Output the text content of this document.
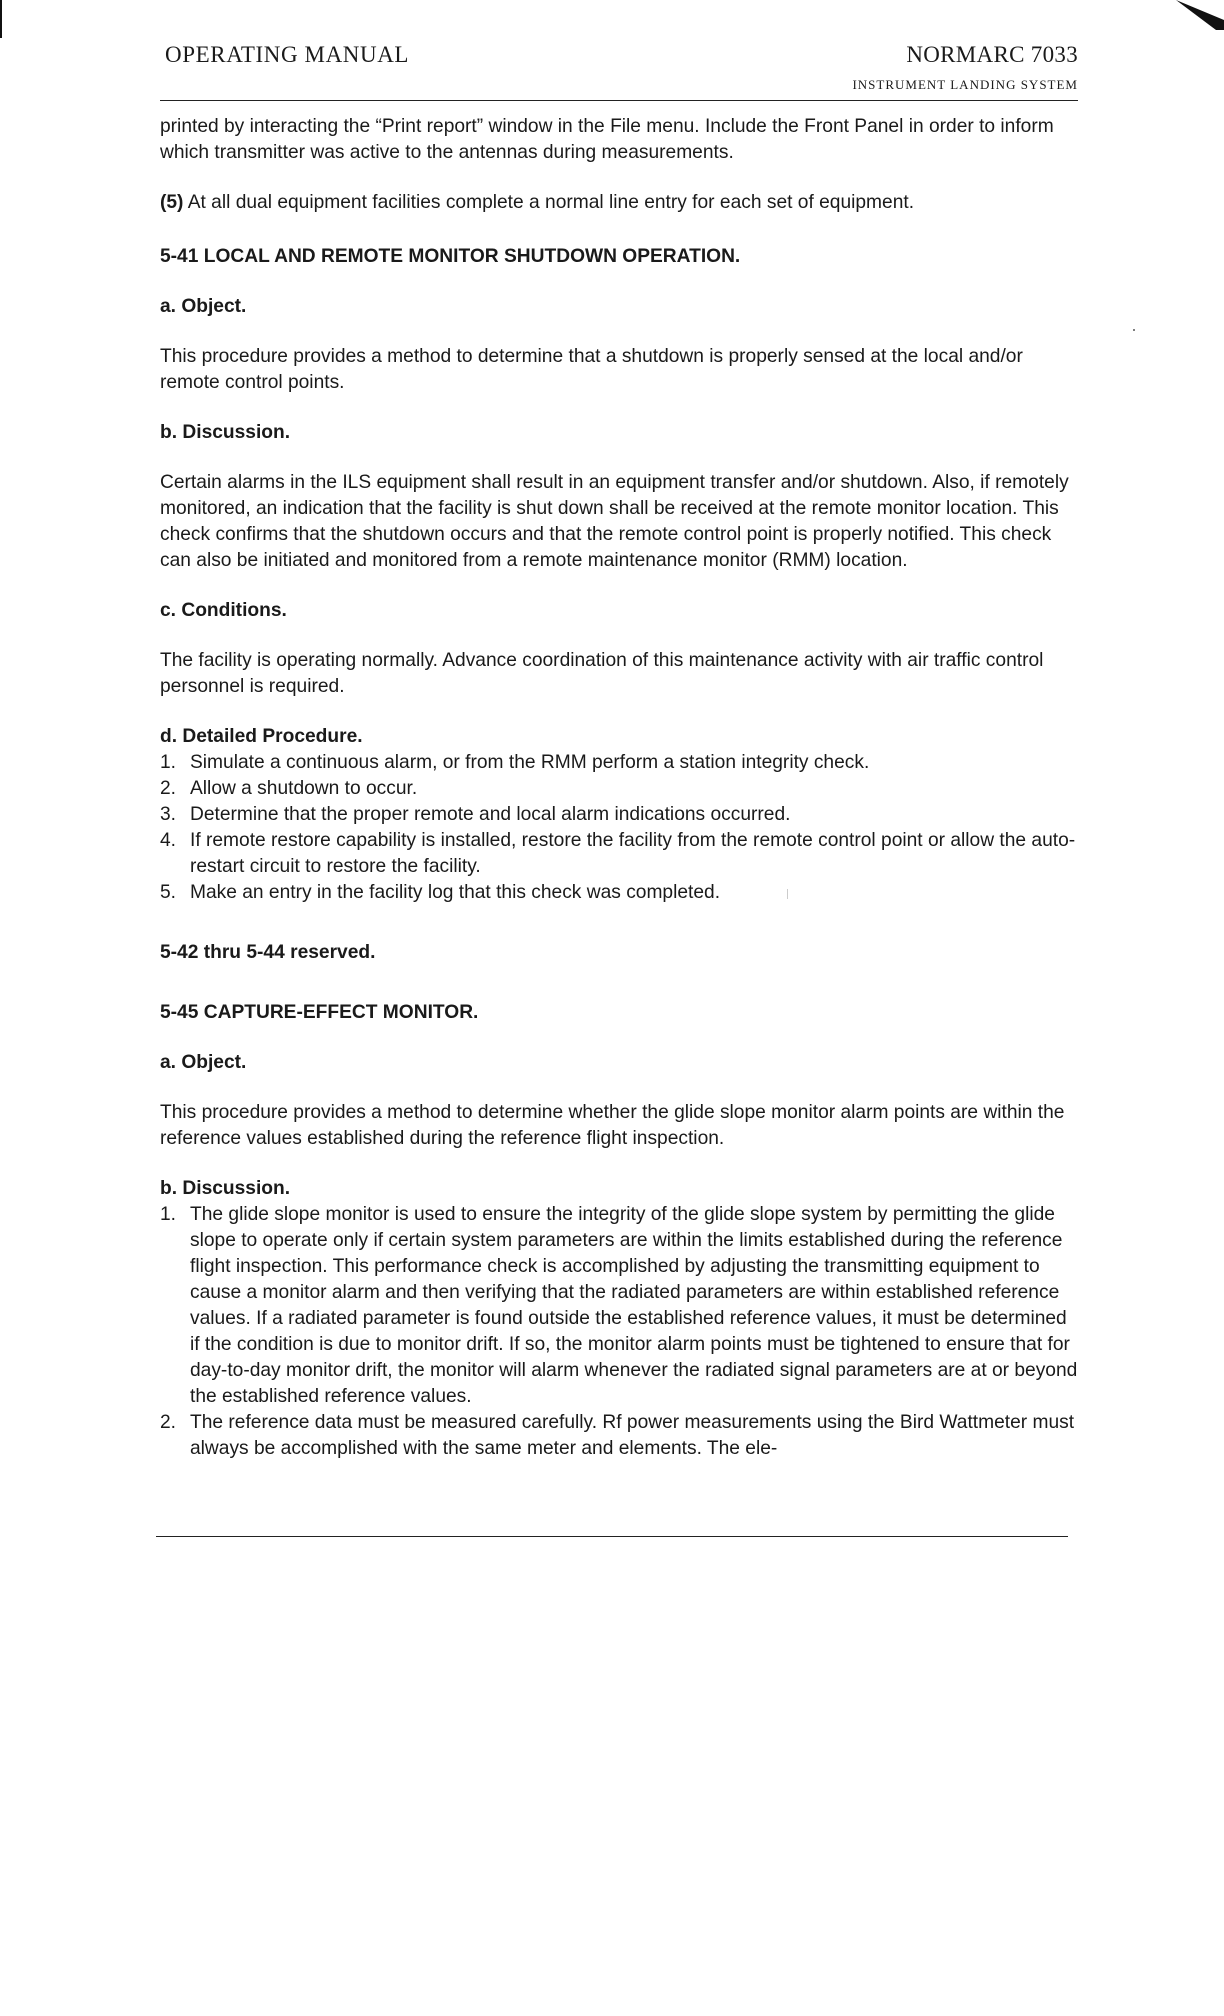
OPERATING MANUAL	NORMARC 7033
INSTRUMENT LANDING SYSTEM

printed by interacting the “Print report” window in the File menu. Include the Front Panel in order to inform which transmitter was active to the antennas during measurements.

(5) At all dual equipment facilities complete a normal line entry for each set of equipment.

5-41 LOCAL AND REMOTE MONITOR SHUTDOWN OPERATION.

a. Object.

This procedure provides a method to determine that a shutdown is properly sensed at the local and/or remote control points.

b. Discussion.

Certain alarms in the ILS equipment shall result in an equipment transfer and/or shutdown. Also, if remotely monitored, an indication that the facility is shut down shall be received at the remote monitor location. This check confirms that the shutdown occurs and that the remote control point is properly notified. This check can also be initiated and monitored from a remote maintenance monitor (RMM) location.

c. Conditions.

The facility is operating normally. Advance coordination of this maintenance activity with air traffic control personnel is required.

d. Detailed Procedure.

1. Simulate a continuous alarm, or from the RMM perform a station integrity check.
2. Allow a shutdown to occur.
3. Determine that the proper remote and local alarm indications occurred.
4. If remote restore capability is installed, restore the facility from the remote control point or allow the auto-restart circuit to restore the facility.
5. Make an entry in the facility log that this check was completed.

5-42 thru 5-44 reserved.

5-45 CAPTURE-EFFECT MONITOR.

a. Object.

This procedure provides a method to determine whether the glide slope monitor alarm points are within the reference values established during the reference flight inspection.

b. Discussion.

1. The glide slope monitor is used to ensure the integrity of the glide slope system by permitting the glide slope to operate only if certain system parameters are within the limits established during the reference flight inspection. This performance check is accomplished by adjusting the transmitting equipment to cause a monitor alarm and then verifying that the radiated parameters are within established reference values. If a radiated parameter is found outside the established reference values, it must be determined if the condition is due to monitor drift. If so, the monitor alarm points must be tightened to ensure that for day-to-day monitor drift, the monitor will alarm whenever the radiated signal parameters are at or beyond the established reference values.
2. The reference data must be measured carefully. Rf power measurements using the Bird Wattmeter must always be accomplished with the same meter and elements. The ele-
